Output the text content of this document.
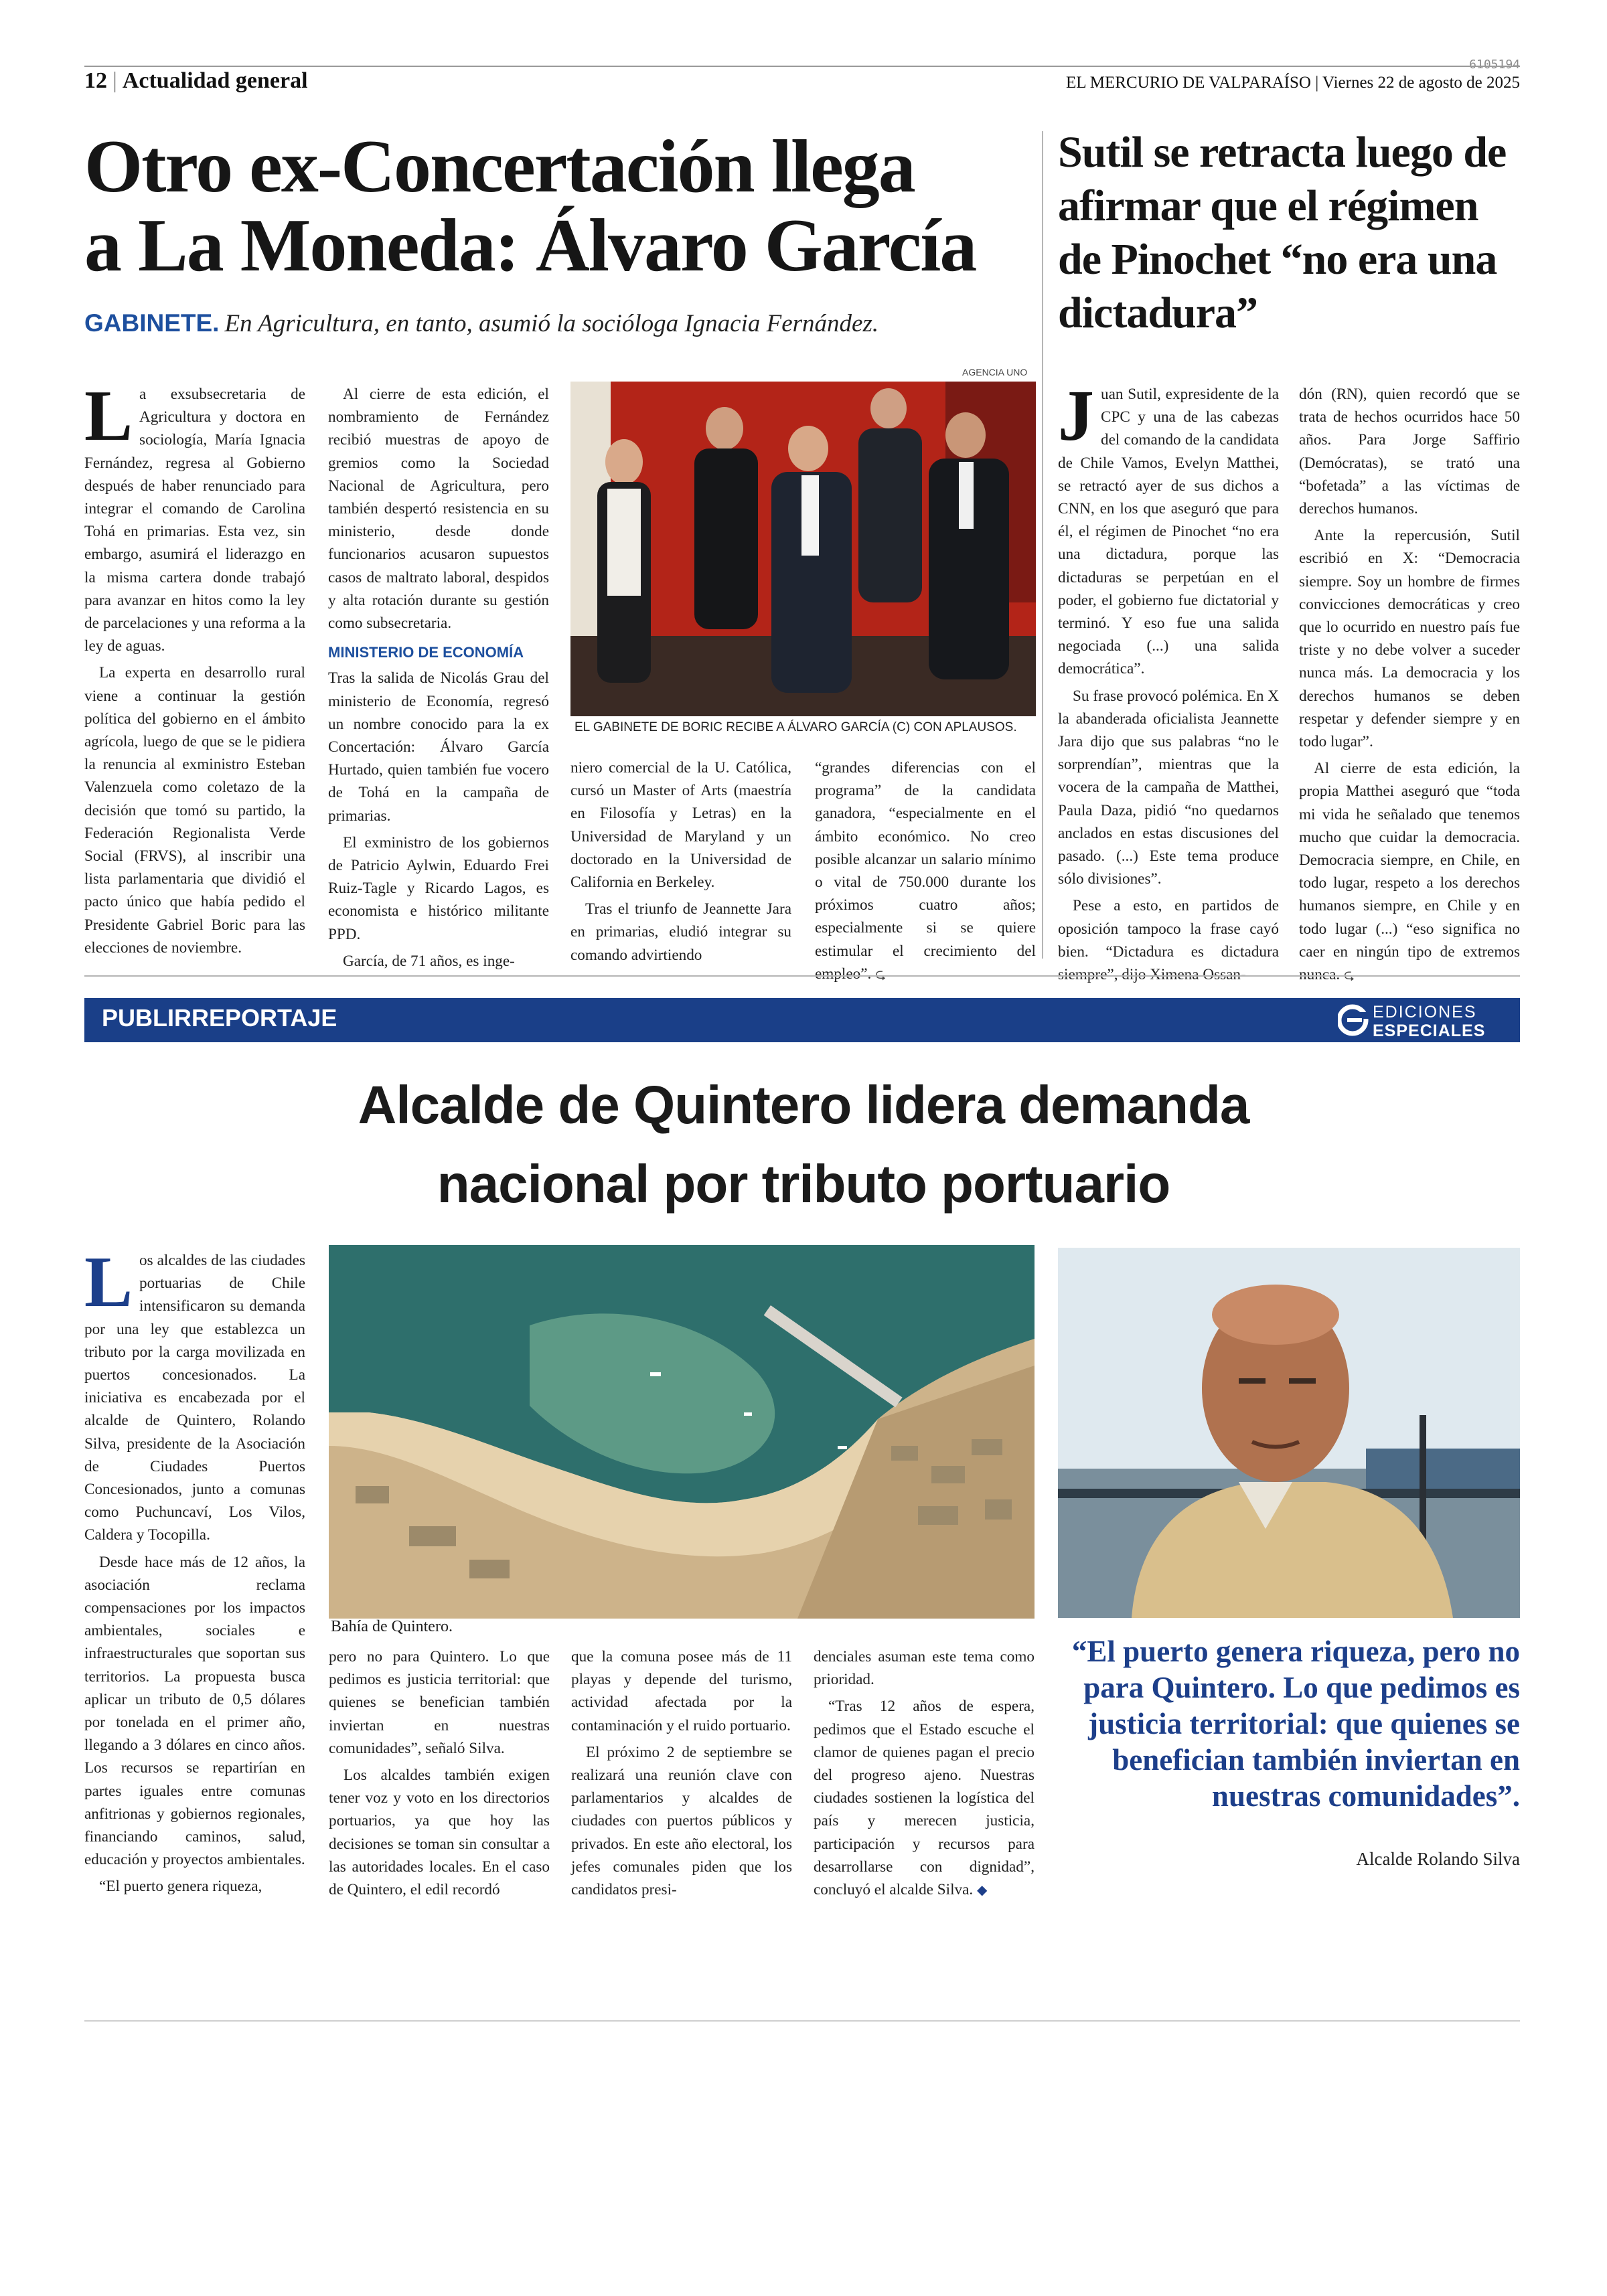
6105194
12 | Actualidad general	EL MERCURIO DE VALPARAÍSO | Viernes 22 de agosto de 2025
Otro ex-Concertación llega
a La Moneda: Álvaro García
GABINETE. En Agricultura, en tanto, asumió la socióloga Ignacia Fernández.

La exsubsecretaria de Agricultura y doctora en sociología, María Ignacia Fernández, regresa al Gobierno después de haber renunciado para integrar el comando de Carolina Tohá en primarias. Esta vez, sin embargo, asumirá el liderazgo en la misma cartera donde trabajó para avanzar en hitos como la ley de parcelaciones y una reforma a la ley de aguas.

La experta en desarrollo rural viene a continuar la gestión política del gobierno en el ámbito agrícola, luego de que se le pidiera la renuncia al exministro Esteban Valenzuela como coletazo de la decisión que tomó su partido, la Federación Regionalista Verde Social (FRVS), al inscribir una lista parlamentaria que dividió el pacto único que había pedido el Presidente Gabriel Boric para las elecciones de noviembre.

Al cierre de esta edición, el nombramiento de Fernández recibió muestras de apoyo de gremios como la Sociedad Nacional de Agricultura, pero también despertó resistencia en su ministerio, desde donde funcionarios acusaron supuestos casos de maltrato laboral, despidos y alta rotación durante su gestión como subsecretaria.

MINISTERIO DE ECONOMÍA

Tras la salida de Nicolás Grau del ministerio de Economía, regresó un nombre conocido para la ex Concertación: Álvaro García Hurtado, quien también fue vocero de Tohá en la campaña de primarias.

El exministro de los gobiernos de Patricio Aylwin, Eduardo Frei Ruiz-Tagle y Ricardo Lagos, es economista e histórico militante PPD.

García, de 71 años, es inge-

AGENCIA UNO
EL GABINETE DE BORIC RECIBE A ÁLVARO GARCÍA (C) CON APLAUSOS.

niero comercial de la U. Católica, cursó un Master of Arts (maestría en Filosofía y Letras) en la Universidad de Maryland y un doctorado en la Universidad de California en Berkeley.

Tras el triunfo de Jeannette Jara en primarias, eludió integrar su comando advirtiendo

“grandes diferencias con el programa” de la candidata ganadora, “especialmente en el ámbito económico. No creo posible alcanzar un salario mínimo o vital de 750.000 durante los próximos cuatro años; especialmente si se quiere estimular el crecimiento del empleo”. ⮎

Sutil se retracta luego de afirmar que el régimen de Pinochet “no era una dictadura”

Juan Sutil, expresidente de la CPC y una de las cabezas del comando de la candidata de Chile Vamos, Evelyn Matthei, se retractó ayer de sus dichos a CNN, en los que aseguró que para él, el régimen de Pinochet “no era una dictadura, porque las dictaduras se perpetúan en el poder, el gobierno fue dictatorial y terminó. Y eso fue una salida negociada (...) una salida democrática”.

Su frase provocó polémica. En X la abanderada oficialista Jeannette Jara dijo que sus palabras “no le sorprendían”, mientras que la vocera de la campaña de Matthei, Paula Daza, pidió “no quedarnos anclados en estas discusiones del pasado. (...) Este tema produce sólo divisiones”.

Pese a esto, en partidos de oposición tampoco la frase cayó bien. “Dictadura es dictadura siempre”, dijo Ximena Ossan-

dón (RN), quien recordó que se trata de hechos ocurridos hace 50 años. Para Jorge Saffirio (Demócratas), se trató una “bofetada” a las víctimas de derechos humanos.

Ante la repercusión, Sutil escribió en X: “Democracia siempre. Soy un hombre de firmes convicciones democráticas y creo que lo ocurrido en nuestro país fue triste y no debe volver a suceder nunca más. La democracia y los derechos humanos se deben respetar y defender siempre y en todo lugar”.

Al cierre de esta edición, la propia Matthei aseguró que “toda mi vida he señalado que tenemos mucho que cuidar la democracia. Democracia siempre, en Chile, en todo lugar, respeto a los derechos humanos siempre, en Chile y en todo lugar (...) “eso significa no caer en ningún tipo de extremos nunca. ⮎

PUBLIRREPORTAJE	EDICIONES
ESPECIALES
Alcalde de Quintero lidera demanda
nacional por tributo portuario

Los alcaldes de las ciudades portuarias de Chile intensificaron su demanda por una ley que establezca un tributo por la carga movilizada en puertos concesionados. La iniciativa es encabezada por el alcalde de Quintero, Rolando Silva, presidente de la Asociación de Ciudades Puertos Concesionados, junto a comunas como Puchuncaví, Los Vilos, Caldera y Tocopilla.

Desde hace más de 12 años, la asociación reclama compensaciones por los impactos ambientales, sociales e infraestructurales que soportan sus territorios. La propuesta busca aplicar un tributo de 0,5 dólares por tonelada en el primer año, llegando a 3 dólares en cinco años. Los recursos se repartirían en partes iguales entre comunas anfitrionas y gobiernos regionales, financiando caminos, salud, educación y proyectos ambientales.

“El puerto genera riqueza,

Bahía de Quintero.

pero no para Quintero. Lo que pedimos es justicia territorial: que quienes se benefician también inviertan en nuestras comunidades”, señaló Silva.

Los alcaldes también exigen tener voz y voto en los directorios portuarios, ya que hoy las decisiones se toman sin consultar a las autoridades locales. En el caso de Quintero, el edil recordó

que la comuna posee más de 11 playas y depende del turismo, actividad afectada por la contaminación y el ruido portuario.

El próximo 2 de septiembre se realizará una reunión clave con parlamentarios y alcaldes de ciudades con puertos públicos y privados. En este año electoral, los jefes comunales piden que los candidatos presi-

denciales asuman este tema como prioridad.

“Tras 12 años de espera, pedimos que el Estado escuche el clamor de quienes pagan el precio del progreso ajeno. Nuestras ciudades sostienen la logística del país y merecen justicia, participación y recursos para desarrollarse con dignidad”, concluyó el alcalde Silva. ◆

“El puerto genera riqueza, pero no para Quintero. Lo que pedimos es justicia territorial: que quienes se benefician también inviertan en nuestras comunidades”.
Alcalde Rolando Silva
